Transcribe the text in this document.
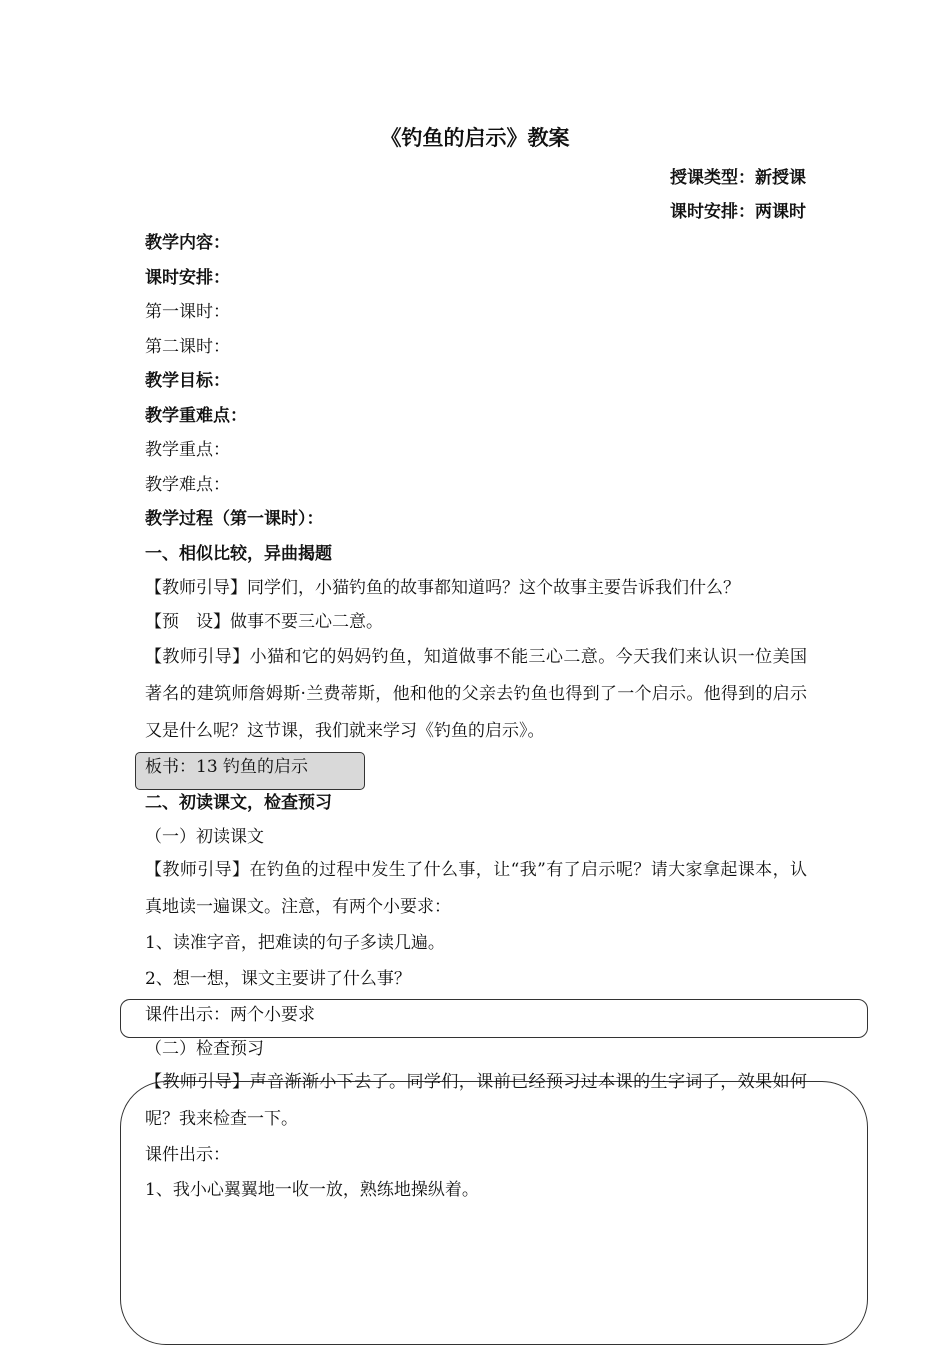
《钓鱼的启示》教案
授课类型：新授课
课时安排：两课时
教学内容：
课时安排：
第一课时：
第二课时：
教学目标：
教学重难点：
教学重点：
教学难点：
教学过程（第一课时）：
一、相似比较，异曲揭题
【教师引导】同学们，小猫钓鱼的故事都知道吗？这个故事主要告诉我们什么？
【预　设】做事不要三心二意。
【教师引导】小猫和它的妈妈钓鱼，知道做事不能三心二意。今天我们来认识一位美国著名的建筑师詹姆斯·兰费蒂斯，他和他的父亲去钓鱼也得到了一个启示。他得到的启示又是什么呢？这节课，我们就来学习《钓鱼的启示》。
板书：13 钓鱼的启示
二、初读课文，检查预习
（一）初读课文
【教师引导】在钓鱼的过程中发生了什么事，让“我”有了启示呢？请大家拿起课本，认真地读一遍课文。注意，有两个小要求：
1、读准字音，把难读的句子多读几遍。
2、想一想，课文主要讲了什么事？
课件出示：两个小要求
（二）检查预习
【教师引导】声音渐渐小下去了。同学们，课前已经预习过本课的生字词了，效果如何呢？我来检查一下。
课件出示：
1、我小心翼翼地一收一放，熟练地操纵着。
